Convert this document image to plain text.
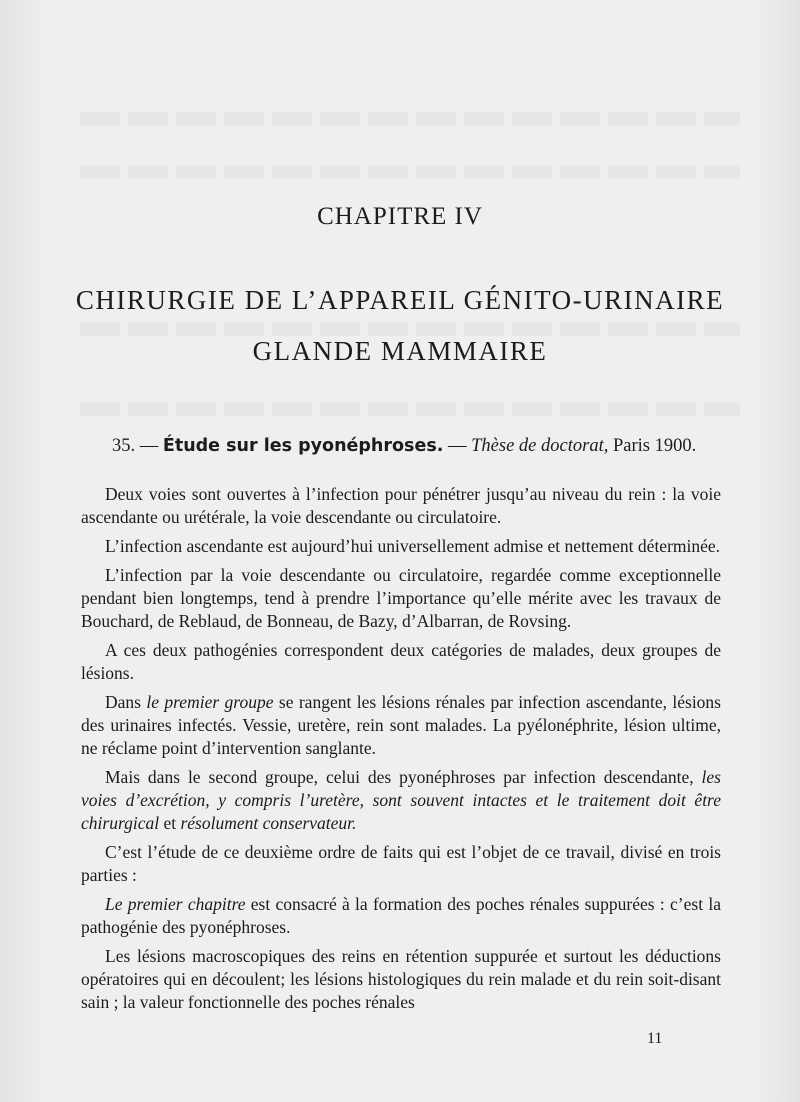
CHAPITRE IV
CHIRURGIE DE L’APPAREIL GÉNITO-URINAIRE
GLANDE MAMMAIRE

35. — Étude sur les pyonéphroses. — Thèse de doctorat, Paris 1900.

Deux voies sont ouvertes à l’infection pour pénétrer jusqu’au niveau du rein : la voie ascendante ou urétérale, la voie descendante ou circulatoire.

L’infection ascendante est aujourd’hui universellement admise et nettement déterminée.

L’infection par la voie descendante ou circulatoire, regardée comme exceptionnelle pendant bien longtemps, tend à prendre l’importance qu’elle mérite avec les travaux de Bouchard, de Reblaud, de Bonneau, de Bazy, d’Albarran, de Rovsing.

A ces deux pathogénies correspondent deux catégories de malades, deux groupes de lésions.

Dans le premier groupe se rangent les lésions rénales par infection ascendante, lésions des urinaires infectés. Vessie, uretère, rein sont malades. La pyélonéphrite, lésion ultime, ne réclame point d’intervention sanglante.

Mais dans le second groupe, celui des pyonéphroses par infection descendante, les voies d’excrétion, y compris l’uretère, sont souvent intactes et le traitement doit être chirurgical et résolument conservateur.

C’est l’étude de ce deuxième ordre de faits qui est l’objet de ce travail, divisé en trois parties :

Le premier chapitre est consacré à la formation des poches rénales suppurées : c’est la pathogénie des pyonéphroses.

Les lésions macroscopiques des reins en rétention suppurée et surtout les déductions opératoires qui en découlent; les lésions histologiques du rein malade et du rein soit-disant sain ; la valeur fonctionnelle des poches rénales

11
